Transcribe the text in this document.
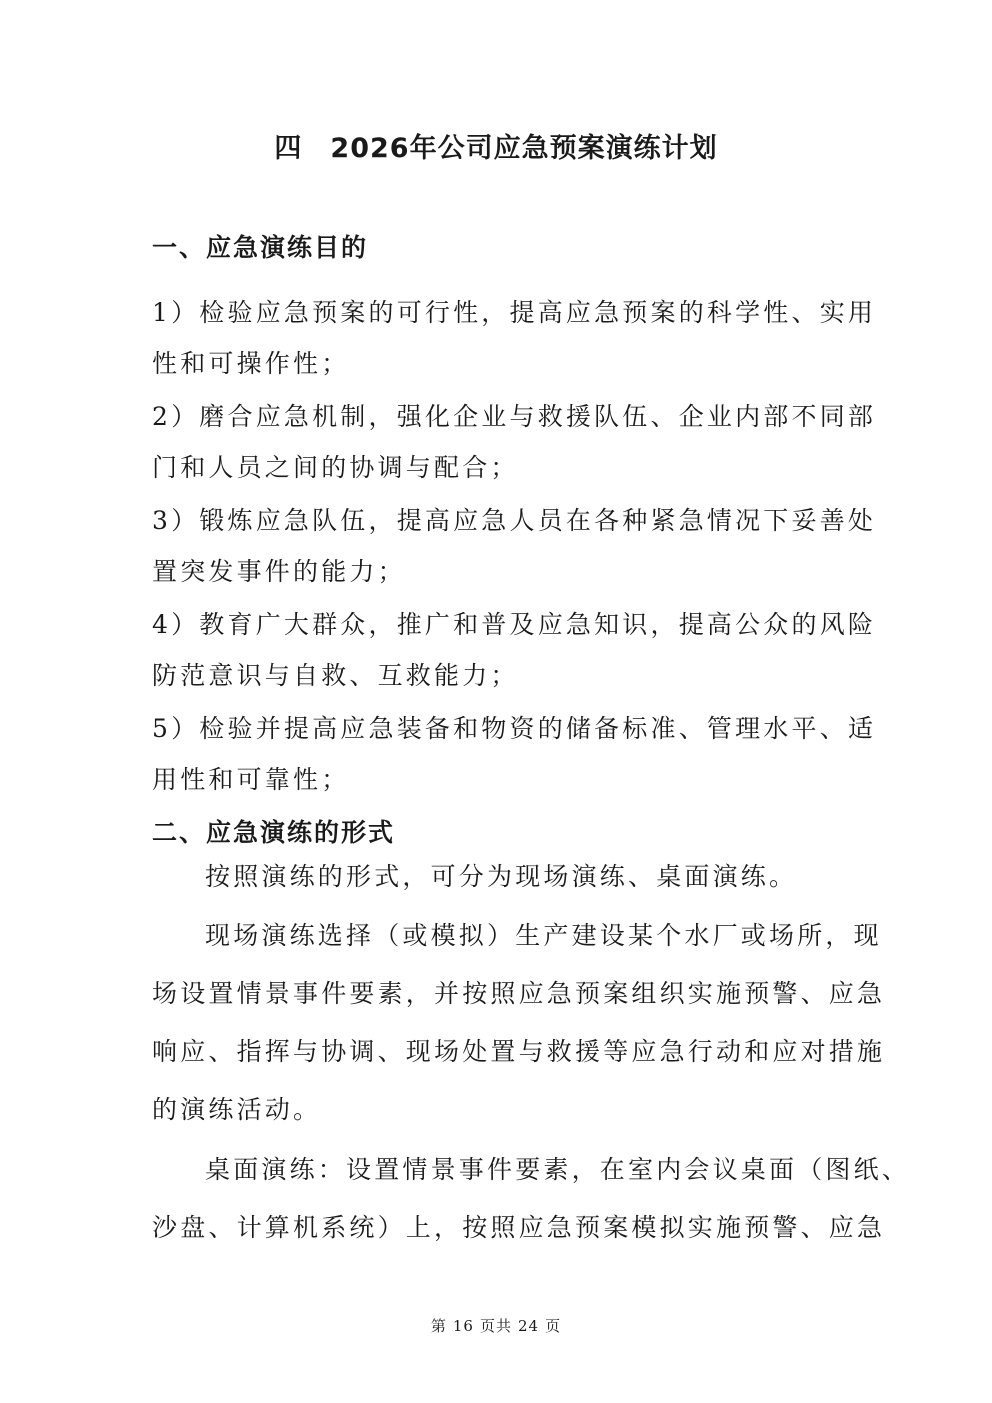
四　2026年公司应急预案演练计划
一、应急演练目的
1）检验应急预案的可行性，提高应急预案的科学性、实用
性和可操作性；
2）磨合应急机制，强化企业与救援队伍、企业内部不同部
门和人员之间的协调与配合；
3）锻炼应急队伍，提高应急人员在各种紧急情况下妥善处
置突发事件的能力；
4）教育广大群众，推广和普及应急知识，提高公众的风险
防范意识与自救、互救能力；
5）检验并提高应急装备和物资的储备标准、管理水平、适
用性和可靠性；
二、应急演练的形式
按照演练的形式，可分为现场演练、桌面演练。
现场演练选择（或模拟）生产建设某个水厂或场所，现
场设置情景事件要素，并按照应急预案组织实施预警、应急
响应、指挥与协调、现场处置与救援等应急行动和应对措施
的演练活动。
桌面演练：设置情景事件要素，在室内会议桌面（图纸、
沙盘、计算机系统）上，按照应急预案模拟实施预警、应急
第 16 页共 24 页
